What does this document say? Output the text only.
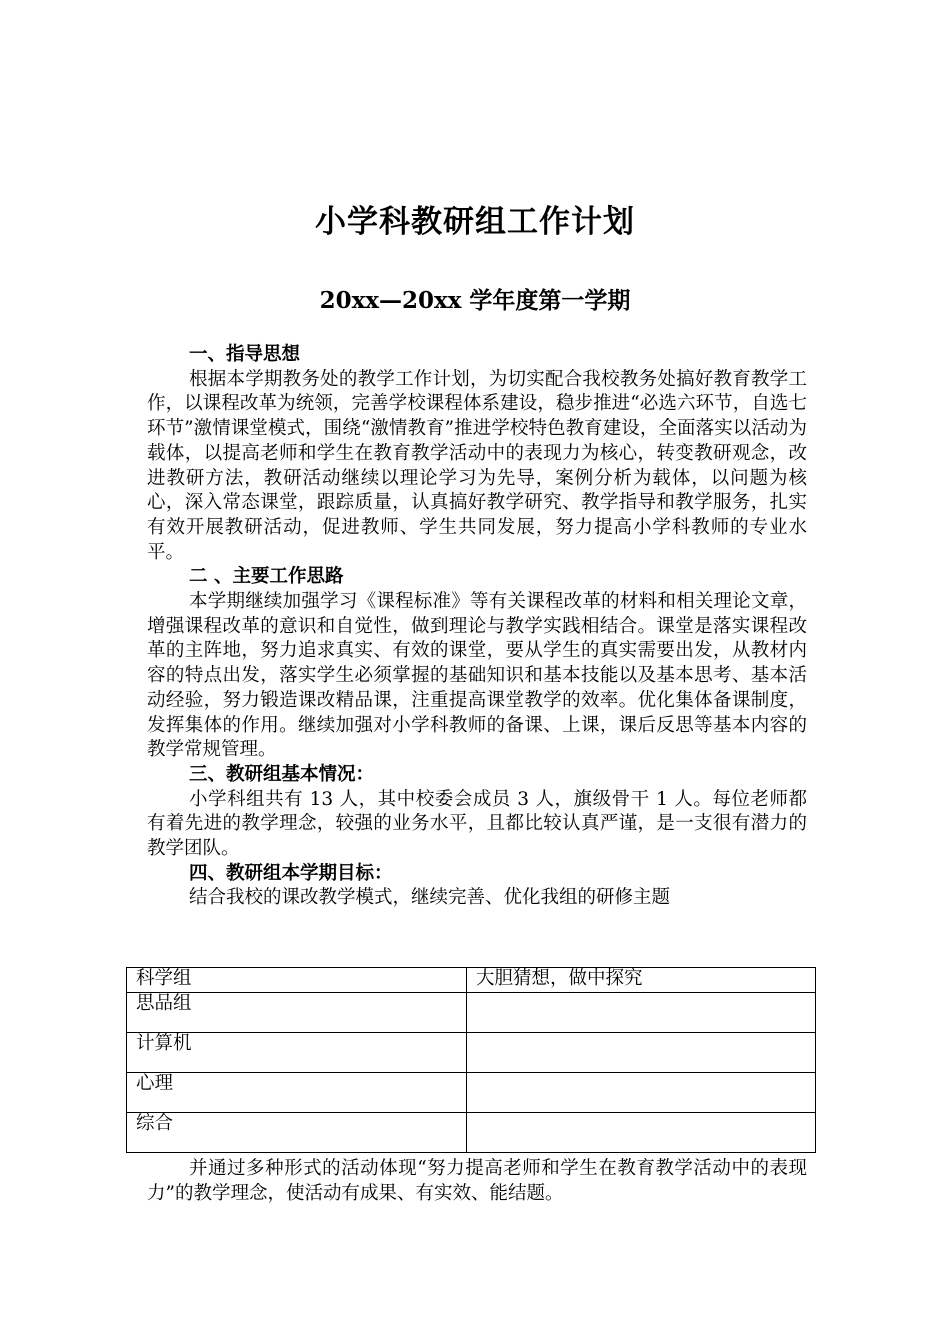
小学科教研组工作计划
20xx—20xx 学年度第一学期

一、指导思想

根据本学期教务处的教学工作计划，为切实配合我校教务处搞好教育教学工作，以课程改革为统领，完善学校课程体系建设，稳步推进“必选六环节，自选七环节”激情课堂模式，围绕“激情教育”推进学校特色教育建设，全面落实以活动为载体，以提高老师和学生在教育教学活动中的表现力为核心，转变教研观念，改进教研方法，教研活动继续以理论学习为先导，案例分析为载体，以问题为核心，深入常态课堂，跟踪质量，认真搞好教学研究、教学指导和教学服务，扎实有效开展教研活动，促进教师、学生共同发展，努力提高小学科教师的专业水平。

二 、主要工作思路

本学期继续加强学习《课程标准》等有关课程改革的材料和相关理论文章，增强课程改革的意识和自觉性，做到理论与教学实践相结合。课堂是落实课程改革的主阵地，努力追求真实、有效的课堂，要从学生的真实需要出发，从教材内容的特点出发，落实学生必须掌握的基础知识和基本技能以及基本思考、基本活动经验，努力锻造课改精品课，注重提高课堂教学的效率。优化集体备课制度，发挥集体的作用。继续加强对小学科教师的备课、上课，课后反思等基本内容的教学常规管理。

三、教研组基本情况：

小学科组共有 13 人，其中校委会成员 3 人，旗级骨干 1 人。每位老师都有着先进的教学理念，较强的业务水平，且都比较认真严谨，是一支很有潜力的教学团队。

四、教研组本学期目标：

结合我校的课改教学模式，继续完善、优化我组的研修主题

科学组	大胆猜想，做中探究
思品组	
计算机	
心理	
综合	

并通过多种形式的活动体现“努力提高老师和学生在教育教学活动中的表现力”的教学理念，使活动有成果、有实效、能结题。
